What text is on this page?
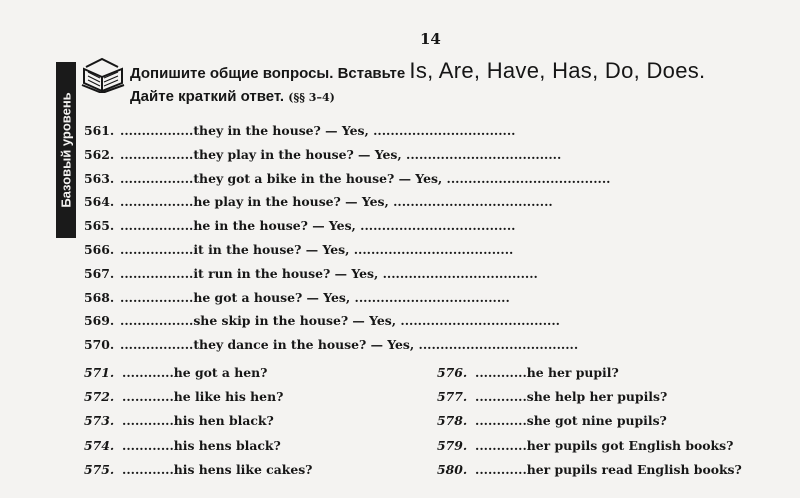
14
Базовый уровень
Допишите общие вопросы. Вставьте Is, Are, Have, Has, Do, Does.
Дайте краткий ответ. (§§ 3–4)
561. .................they in the house? — Yes, .................................
562. .................they play in the house? — Yes, ....................................
563. .................they got a bike in the house? — Yes, ......................................
564. .................he play in the house? — Yes, .....................................
565. .................he in the house? — Yes, ....................................
566. .................it in the house? — Yes, .....................................
567. .................it run in the house? — Yes, ....................................
568. .................he got a house? — Yes, ....................................
569. .................she skip in the house? — Yes, .....................................
570. .................they dance in the house? — Yes, .....................................
571. ............he got a hen?
572. ............he like his hen?
573. ............his hen black?
574. ............his hens black?
575. ............his hens like cakes?
576. ............he her pupil?
577. ............she help her pupils?
578. ............she got nine pupils?
579. ............her pupils got English books?
580. ............her pupils read English books?
